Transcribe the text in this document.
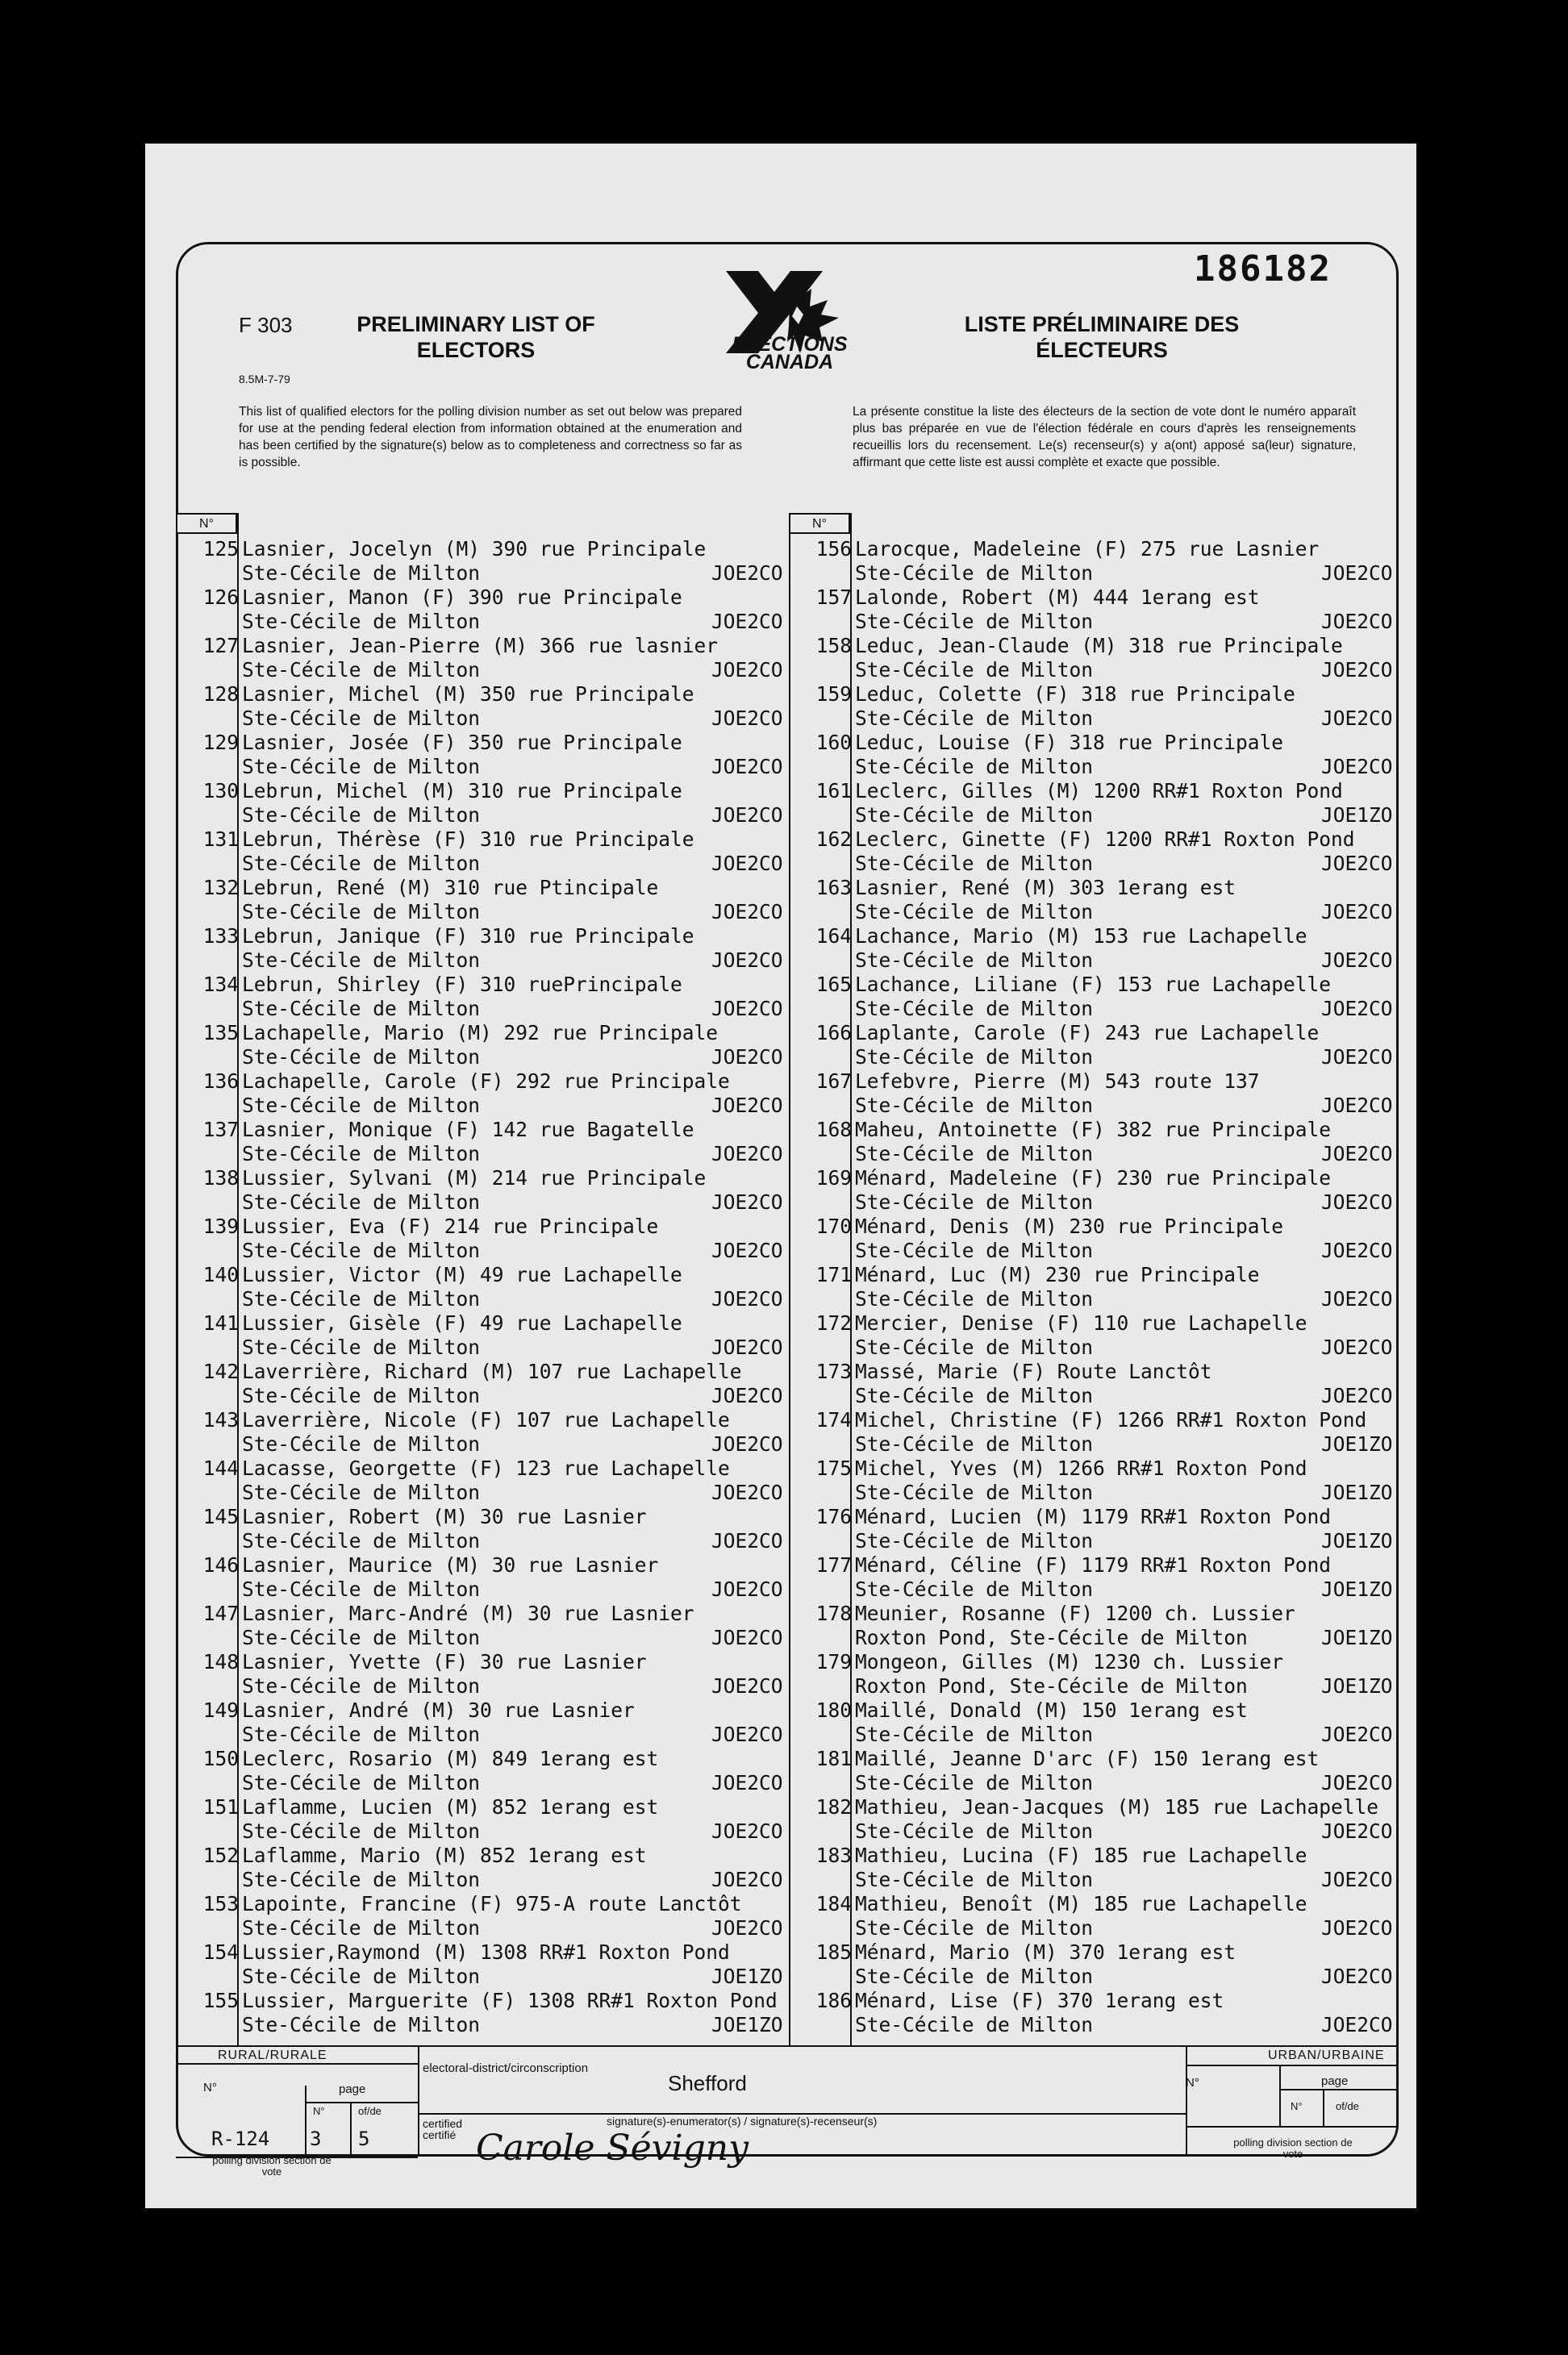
186182
F 303
8.5M-7-79
PRELIMINARY LIST OF ELECTORS
LISTE PRÉLIMINAIRE DES ÉLECTEURS
ELECTIONS CANADA
This list of qualified electors for the polling division number as set out below was prepared for use at the pending federal election from information obtained at the enumeration and has been certified by the signature(s) below as to completeness and correctness so far as is possible.
La présente constitue la liste des électeurs de la section de vote dont le numéro apparaît plus bas préparée en vue de l'élection fédérale en cours d'après les renseignements recueillis lors du recensement. Le(s) recenseur(s) y a(ont) apposé sa(leur) signature, affirmant que cette liste est aussi complète et exacte que possible.
N°	N°
125 Lasnier, Jocelyn (M) 390 rue Principale
Ste-Cécile de Milton	JOE2CO
126 Lasnier, Manon (F) 390 rue Principale
Ste-Cécile de Milton	JOE2CO
127 Lasnier, Jean-Pierre (M) 366 rue lasnier
Ste-Cécile de Milton	JOE2CO
128 Lasnier, Michel (M) 350 rue Principale
Ste-Cécile de Milton	JOE2CO
129 Lasnier, Josée (F) 350 rue Principale
Ste-Cécile de Milton	JOE2CO
130 Lebrun, Michel (M) 310 rue Principale
Ste-Cécile de Milton	JOE2CO
131 Lebrun, Thérèse (F) 310 rue Principale
Ste-Cécile de Milton	JOE2CO
132 Lebrun, René (M) 310 rue Ptincipale
Ste-Cécile de Milton	JOE2CO
133 Lebrun, Janique (F) 310 rue Principale
Ste-Cécile de Milton	JOE2CO
134 Lebrun, Shirley (F) 310 ruePrincipale
Ste-Cécile de Milton	JOE2CO
135 Lachapelle, Mario (M) 292 rue Principale
Ste-Cécile de Milton	JOE2CO
136 Lachapelle, Carole (F) 292 rue Principale
Ste-Cécile de Milton	JOE2CO
137 Lasnier, Monique (F) 142 rue Bagatelle
Ste-Cécile de Milton	JOE2CO
138 Lussier, Sylvani (M) 214 rue Principale
Ste-Cécile de Milton	JOE2CO
139 Lussier, Eva (F) 214 rue Principale
Ste-Cécile de Milton	JOE2CO
140 Lussier, Victor (M) 49 rue Lachapelle
Ste-Cécile de Milton	JOE2CO
141 Lussier, Gisèle (F) 49 rue Lachapelle
Ste-Cécile de Milton	JOE2CO
142 Laverrière, Richard (M) 107 rue Lachapelle
Ste-Cécile de Milton	JOE2CO
143 Laverrière, Nicole (F) 107 rue Lachapelle
Ste-Cécile de Milton	JOE2CO
144 Lacasse, Georgette (F) 123 rue Lachapelle
Ste-Cécile de Milton	JOE2CO
145 Lasnier, Robert (M) 30 rue Lasnier
Ste-Cécile de Milton	JOE2CO
146 Lasnier, Maurice (M) 30 rue Lasnier
Ste-Cécile de Milton	JOE2CO
147 Lasnier, Marc-André (M) 30 rue Lasnier
Ste-Cécile de Milton	JOE2CO
148 Lasnier, Yvette (F) 30 rue Lasnier
Ste-Cécile de Milton	JOE2CO
149 Lasnier, André (M) 30 rue Lasnier
Ste-Cécile de Milton	JOE2CO
150 Leclerc, Rosario (M) 849 1erang est
Ste-Cécile de Milton	JOE2CO
151 Laflamme, Lucien (M) 852 1erang est
Ste-Cécile de Milton	JOE2CO
152 Laflamme, Mario (M) 852 1erang est
Ste-Cécile de Milton	JOE2CO
153 Lapointe, Francine (F) 975-A route Lanctôt
Ste-Cécile de Milton	JOE2CO
154 Lussier,Raymond (M) 1308 RR#1 Roxton Pond
Ste-Cécile de Milton	JOE1ZO
155 Lussier, Marguerite (F) 1308 RR#1 Roxton Pond
Ste-Cécile de Milton	JOE1ZO
156 Larocque, Madeleine (F) 275 rue Lasnier
Ste-Cécile de Milton	JOE2CO
157 Lalonde, Robert (M) 444 1erang est
Ste-Cécile de Milton	JOE2CO
158 Leduc, Jean-Claude (M) 318 rue Principale
Ste-Cécile de Milton	JOE2CO
159 Leduc, Colette (F) 318 rue Principale
Ste-Cécile de Milton	JOE2CO
160 Leduc, Louise (F) 318 rue Principale
Ste-Cécile de Milton	JOE2CO
161 Leclerc, Gilles (M) 1200 RR#1 Roxton Pond
Ste-Cécile de Milton	JOE1ZO
162 Leclerc, Ginette (F) 1200 RR#1 Roxton Pond
Ste-Cécile de Milton	JOE2CO
163 Lasnier, René (M) 303 1erang est
Ste-Cécile de Milton	JOE2CO
164 Lachance, Mario (M) 153 rue Lachapelle
Ste-Cécile de Milton	JOE2CO
165 Lachance, Liliane (F) 153 rue Lachapelle
Ste-Cécile de Milton	JOE2CO
166 Laplante, Carole (F) 243 rue Lachapelle
Ste-Cécile de Milton	JOE2CO
167 Lefebvre, Pierre (M) 543 route 137
Ste-Cécile de Milton	JOE2CO
168 Maheu, Antoinette (F) 382 rue Principale
Ste-Cécile de Milton	JOE2CO
169 Ménard, Madeleine (F) 230 rue Principale
Ste-Cécile de Milton	JOE2CO
170 Ménard, Denis (M) 230 rue Principale
Ste-Cécile de Milton	JOE2CO
171 Ménard, Luc (M) 230 rue Principale
Ste-Cécile de Milton	JOE2CO
172 Mercier, Denise (F) 110 rue Lachapelle
Ste-Cécile de Milton	JOE2CO
173 Massé, Marie (F) Route Lanctôt
Ste-Cécile de Milton	JOE2CO
174 Michel, Christine (F) 1266 RR#1 Roxton Pond
Ste-Cécile de Milton	JOE1ZO
175 Michel, Yves (M) 1266 RR#1 Roxton Pond
Ste-Cécile de Milton	JOE1ZO
176 Ménard, Lucien (M) 1179 RR#1 Roxton Pond
Ste-Cécile de Milton	JOE1ZO
177 Ménard, Céline (F) 1179 RR#1 Roxton Pond
Ste-Cécile de Milton	JOE1ZO
178 Meunier, Rosanne (F) 1200 ch. Lussier
Roxton Pond, Ste-Cécile de Milton	JOE1ZO
179 Mongeon, Gilles (M) 1230 ch. Lussier
Roxton Pond, Ste-Cécile de Milton	JOE1ZO
180 Maillé, Donald (M) 150 1erang est
Ste-Cécile de Milton	JOE2CO
181 Maillé, Jeanne D'arc (F) 150 1erang est
Ste-Cécile de Milton	JOE2CO
182 Mathieu, Jean-Jacques (M) 185 rue Lachapelle
Ste-Cécile de Milton	JOE2CO
183 Mathieu, Lucina (F) 185 rue Lachapelle
Ste-Cécile de Milton	JOE2CO
184 Mathieu, Benoît (M) 185 rue Lachapelle
Ste-Cécile de Milton	JOE2CO
185 Ménard, Mario (M) 370 1erang est
Ste-Cécile de Milton	JOE2CO
186 Ménard, Lise (F) 370 1erang est
Ste-Cécile de Milton	JOE2CO
RURAL/RURALE
N°	page
N°	of/de
R-124 3 5
polling division section de vote
electoral-district/circonscription
Shefford
certified certifié
signature(s)-enumerator(s) / signature(s)-recenseur(s)
Carole Sévigny
URBAN/URBAINE
N°	page
N°	of/de
polling division section de vote
